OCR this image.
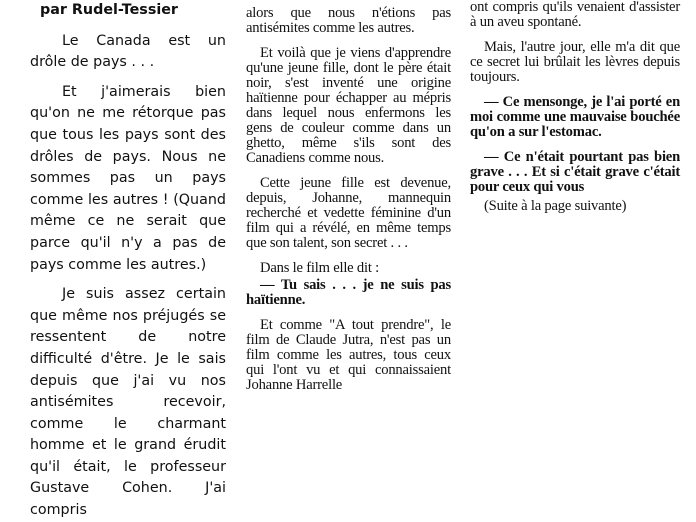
par Rudel-Tessier

Le Canada est un drôle de pays . . .

Et j'aimerais bien qu'on ne me rétorque pas que tous les pays sont des drôles de pays. Nous ne sommes pas un pays comme les autres ! (Quand même ce ne serait que parce qu'il n'y a pas de pays comme les autres.)

Je suis assez certain que même nos préjugés se ressentent de notre difficulté d'être. Je le sais depuis que j'ai vu nos antisémites recevoir, comme le charmant homme et le grand érudit qu'il était, le professeur Gustave Cohen. J'ai compris

alors que nous n'étions pas antisémites comme les autres.

Et voilà que je viens d'apprendre qu'une jeune fille, dont le père était noir, s'est inventé une origine haïtienne pour échapper au mépris dans lequel nous enfermons les gens de couleur comme dans un ghetto, même s'ils sont des Canadiens comme nous.

Cette jeune fille est devenue, depuis, Johanne, mannequin recherché et vedette féminine d'un film qui a révélé, en même temps que son talent, son secret . . .

Dans le film elle dit :

— Tu sais . . . je ne suis pas haïtienne.

Et comme "A tout prendre", le film de Claude Jutra, n'est pas un film comme les autres, tous ceux qui l'ont vu et qui connaissaient Johanne Harrelle

ont compris qu'ils venaient d'assister à un aveu spontané.

Mais, l'autre jour, elle m'a dit que ce secret lui brûlait les lèvres depuis toujours.

— Ce mensonge, je l'ai porté en moi comme une mauvaise bouchée qu'on a sur l'estomac.

— Ce n'était pourtant pas bien grave . . . Et si c'était grave c'était pour ceux qui vous

(Suite à la page suivante)
